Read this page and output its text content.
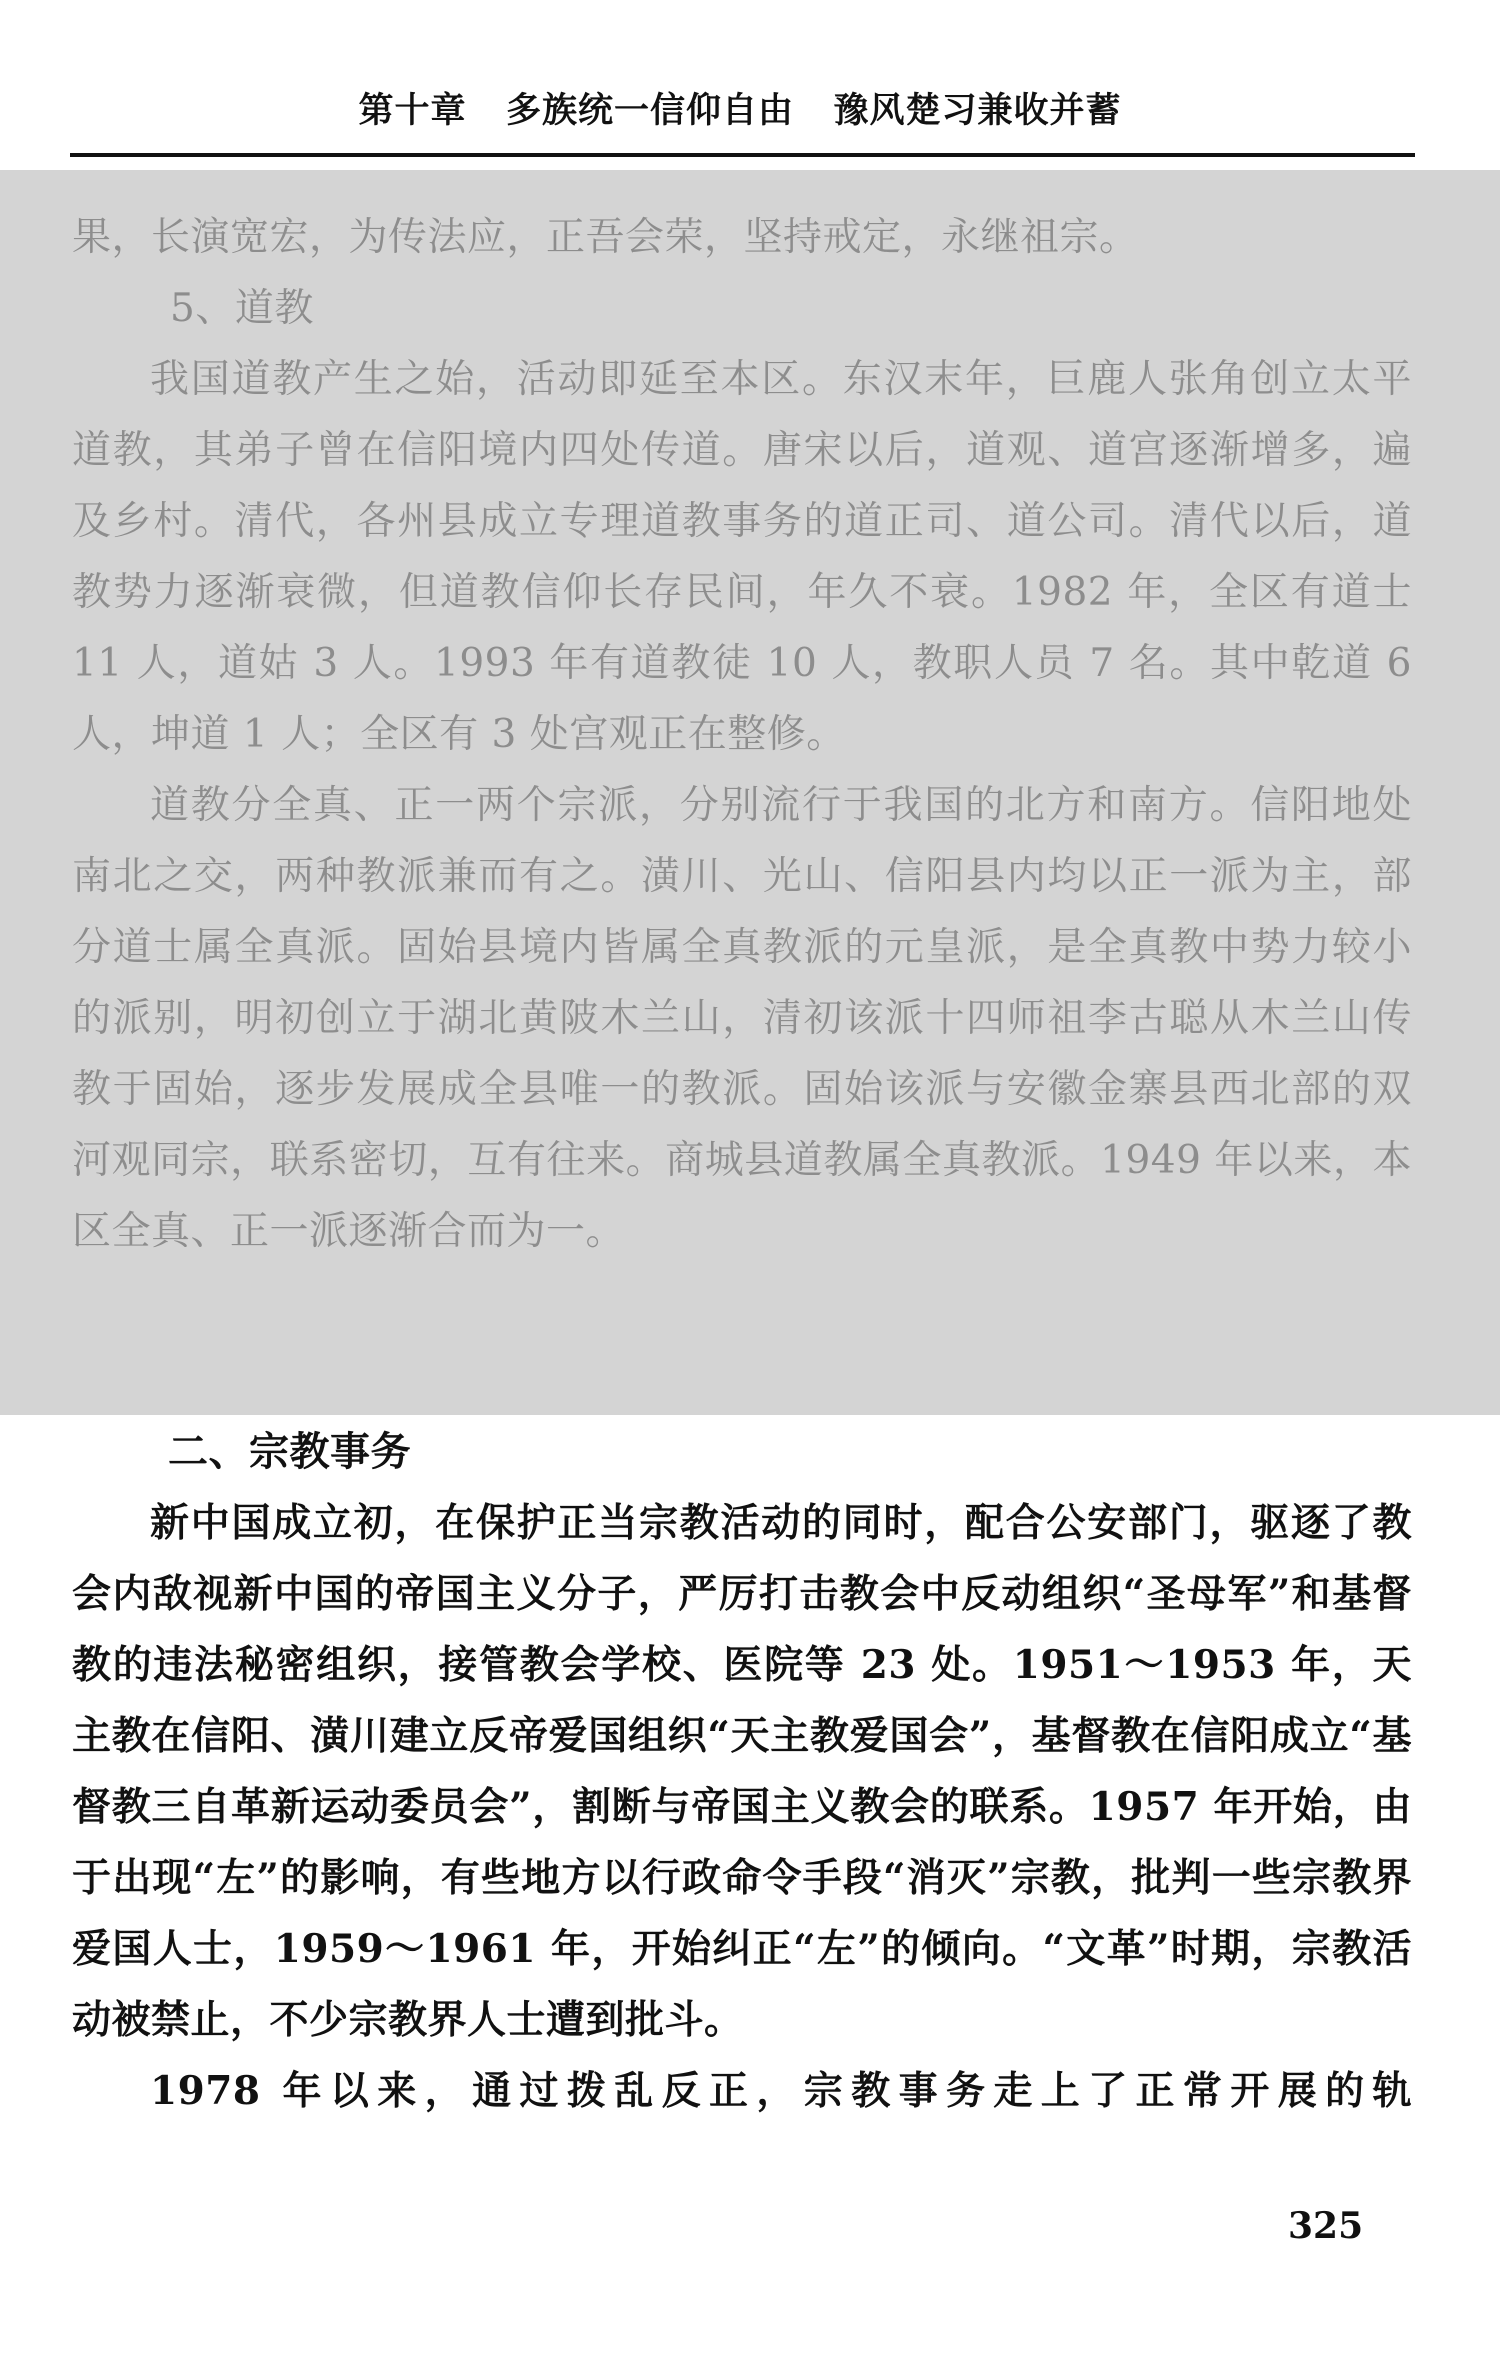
第十章   多族统一信仰自由   豫风楚习兼收并蓄

果，长演宽宏，为传法应，正吾会荣，坚持戒定，永继祖宗。

5、道教

我国道教产生之始，活动即延至本区。东汉末年，巨鹿人张角创立太平道教，其弟子曾在信阳境内四处传道。唐宋以后，道观、道宫逐渐增多，遍及乡村。清代，各州县成立专理道教事务的道正司、道公司。清代以后，道教势力逐渐衰微，但道教信仰长存民间，年久不衰。1982 年，全区有道士 11 人，道姑 3 人。1993 年有道教徒 10 人，教职人员 7 名。其中乾道 6 人，坤道 1 人；全区有 3 处宫观正在整修。

道教分全真、正一两个宗派，分别流行于我国的北方和南方。信阳地处南北之交，两种教派兼而有之。潢川、光山、信阳县内均以正一派为主，部分道士属全真派。固始县境内皆属全真教派的元皇派，是全真教中势力较小的派别，明初创立于湖北黄陂木兰山，清初该派十四师祖李古聪从木兰山传教于固始，逐步发展成全县唯一的教派。固始该派与安徽金寨县西北部的双河观同宗，联系密切，互有往来。商城县道教属全真教派。1949 年以来，本区全真、正一派逐渐合而为一。

二、宗教事务

新中国成立初，在保护正当宗教活动的同时，配合公安部门，驱逐了教会内敌视新中国的帝国主义分子，严厉打击教会中反动组织“圣母军”和基督教的违法秘密组织，接管教会学校、医院等 23 处。1951～1953 年，天主教在信阳、潢川建立反帝爱国组织“天主教爱国会”，基督教在信阳成立“基督教三自革新运动委员会”，割断与帝国主义教会的联系。1957 年开始，由于出现“左”的影响，有些地方以行政命令手段“消灭”宗教，批判一些宗教界爱国人士，1959～1961 年，开始纠正“左”的倾向。“文革”时期，宗教活动被禁止，不少宗教界人士遭到批斗。

1978 年以来，通过拨乱反正，宗教事务走上了正常开展的轨

325
